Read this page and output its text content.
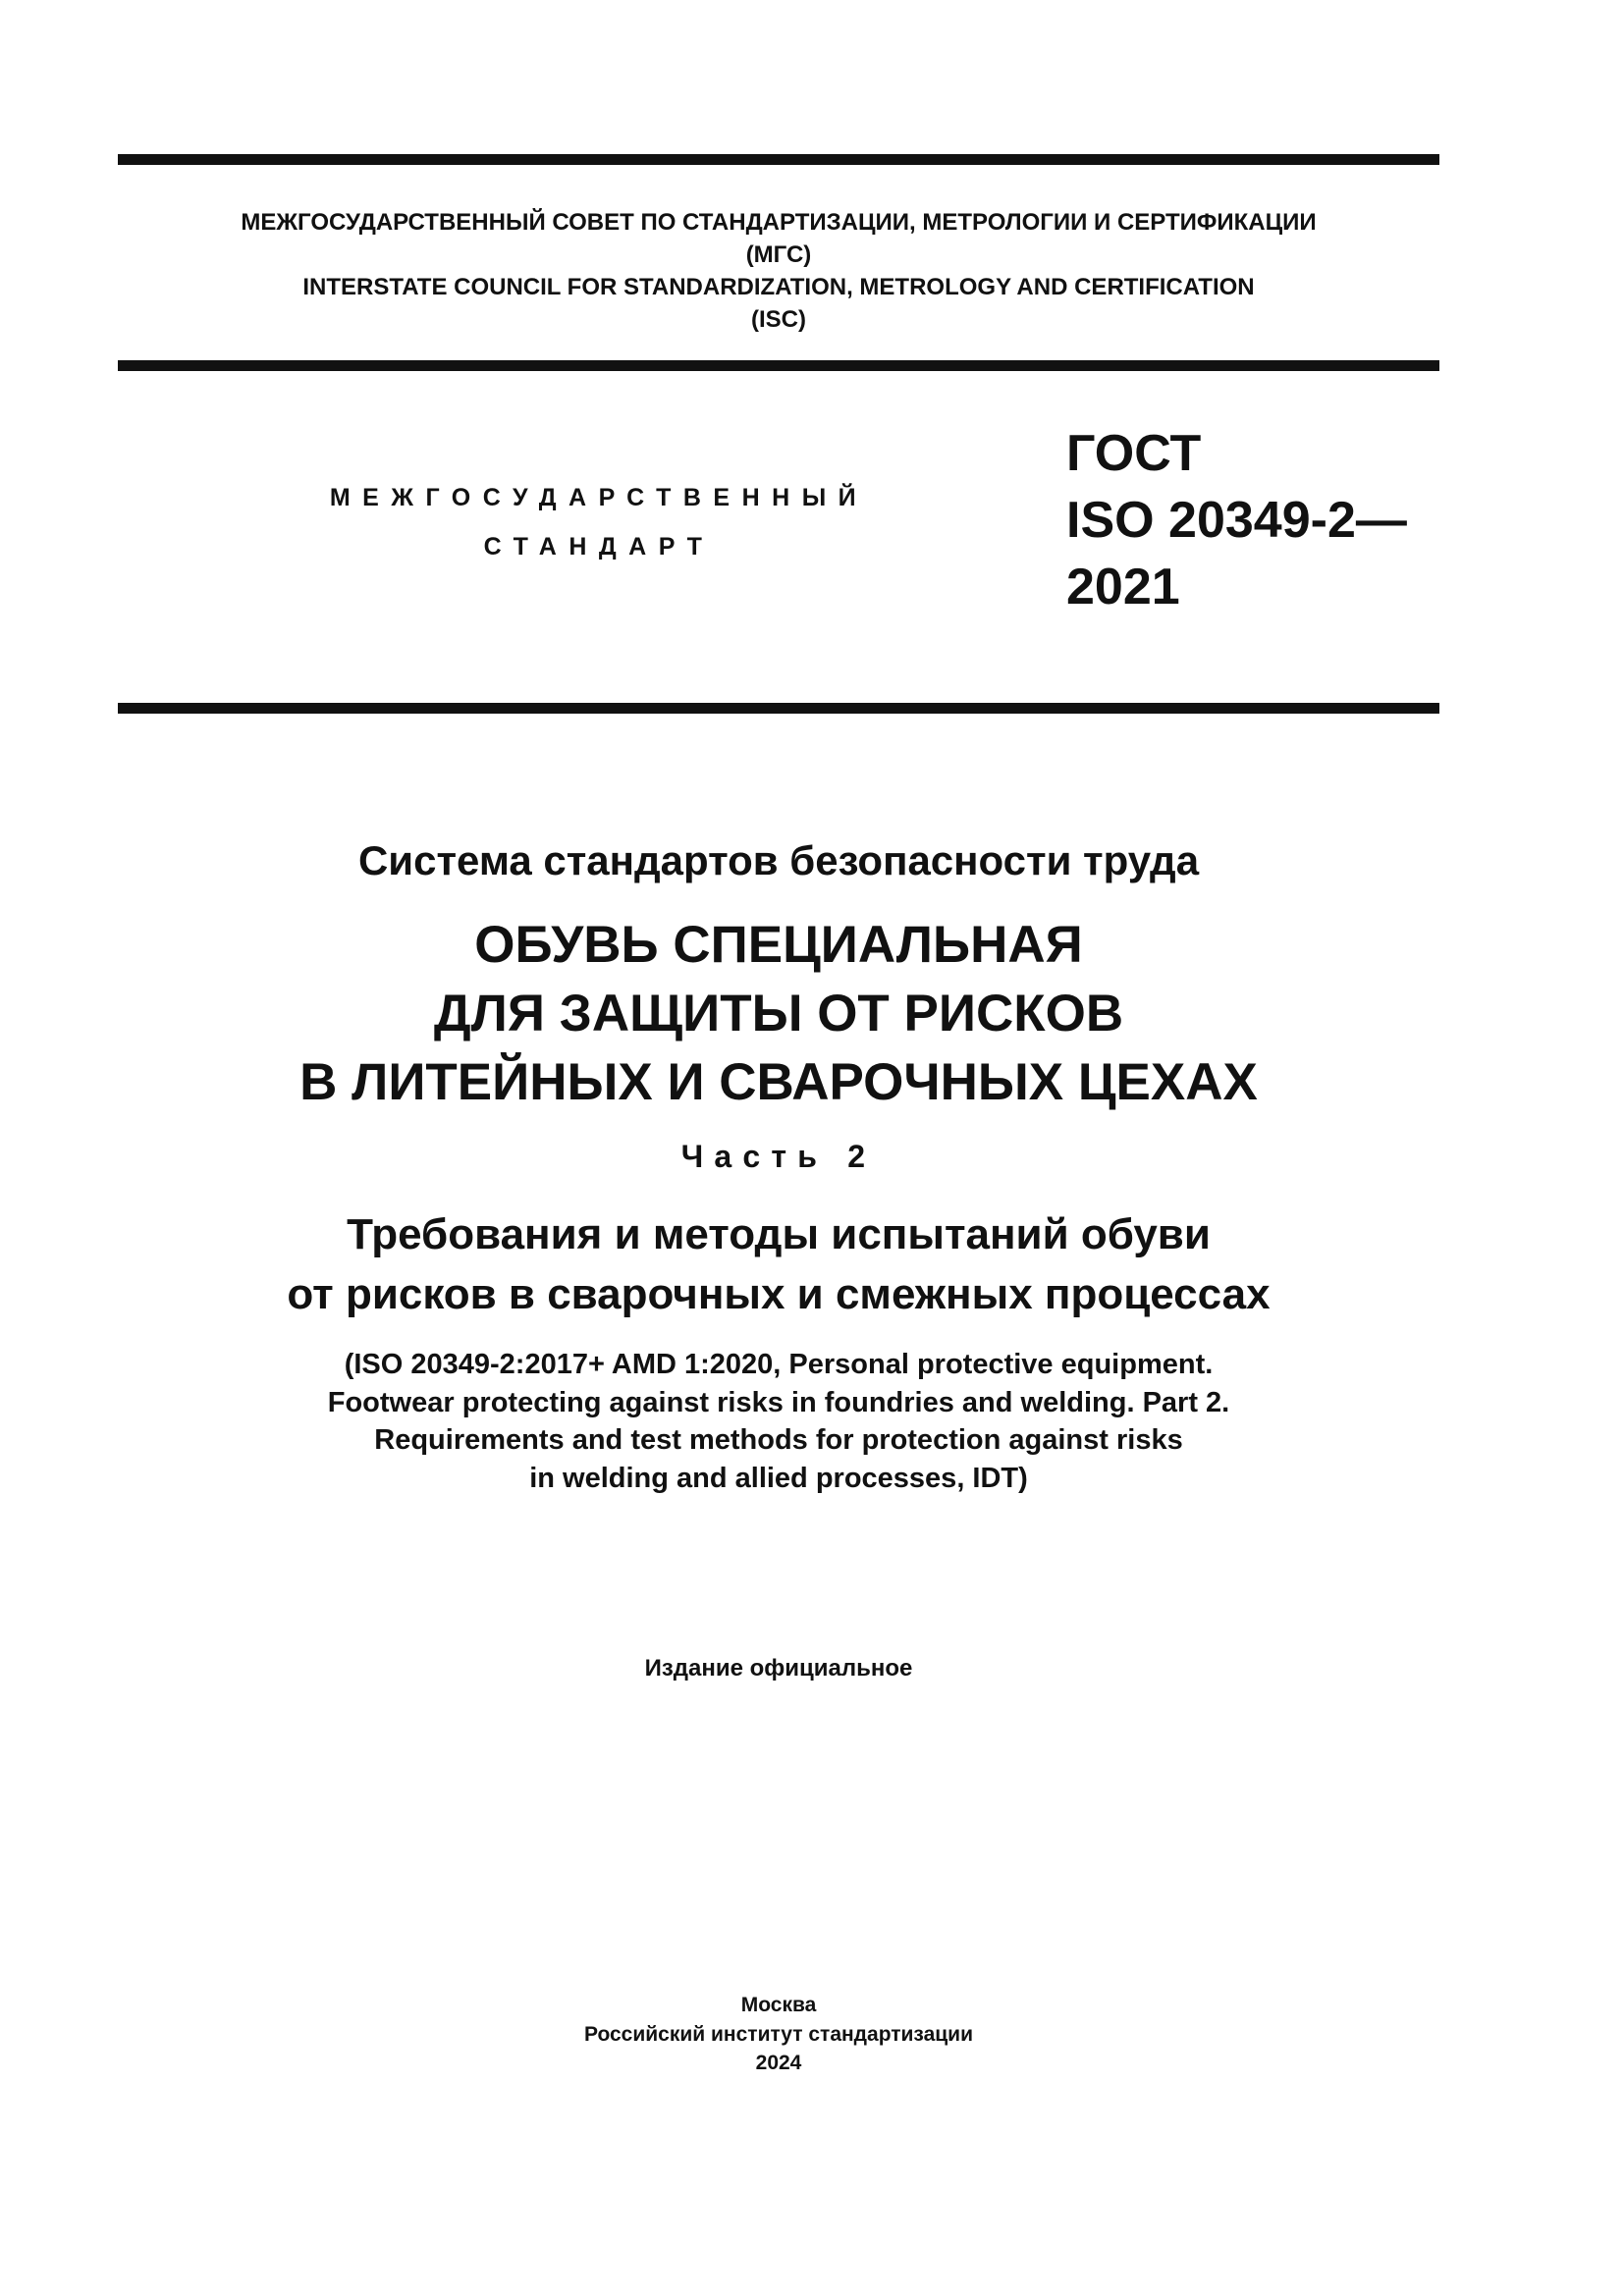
МЕЖГОСУДАРСТВЕННЫЙ СОВЕТ ПО СТАНДАРТИЗАЦИИ, МЕТРОЛОГИИ И СЕРТИФИКАЦИИ
(МГС)
INTERSTATE COUNCIL FOR STANDARDIZATION, METROLOGY AND CERTIFICATION
(ISC)
МЕЖГОСУДАРСТВЕННЫЙ
СТАНДАРТ
ГОСТ
ISO 20349-2—
2021
Система стандартов безопасности труда
ОБУВЬ СПЕЦИАЛЬНАЯ
ДЛЯ ЗАЩИТЫ ОТ РИСКОВ
В ЛИТЕЙНЫХ И СВАРОЧНЫХ ЦЕХАХ
Часть 2
Требования и методы испытаний обуви
от рисков в сварочных и смежных процессах
(ISO 20349-2:2017+ AMD 1:2020, Personal protective equipment.
Footwear protecting against risks in foundries and welding. Part 2.
Requirements and test methods for protection against risks
in welding and allied processes, IDT)
Издание официальное
Москва
Российский институт стандартизации
2024
